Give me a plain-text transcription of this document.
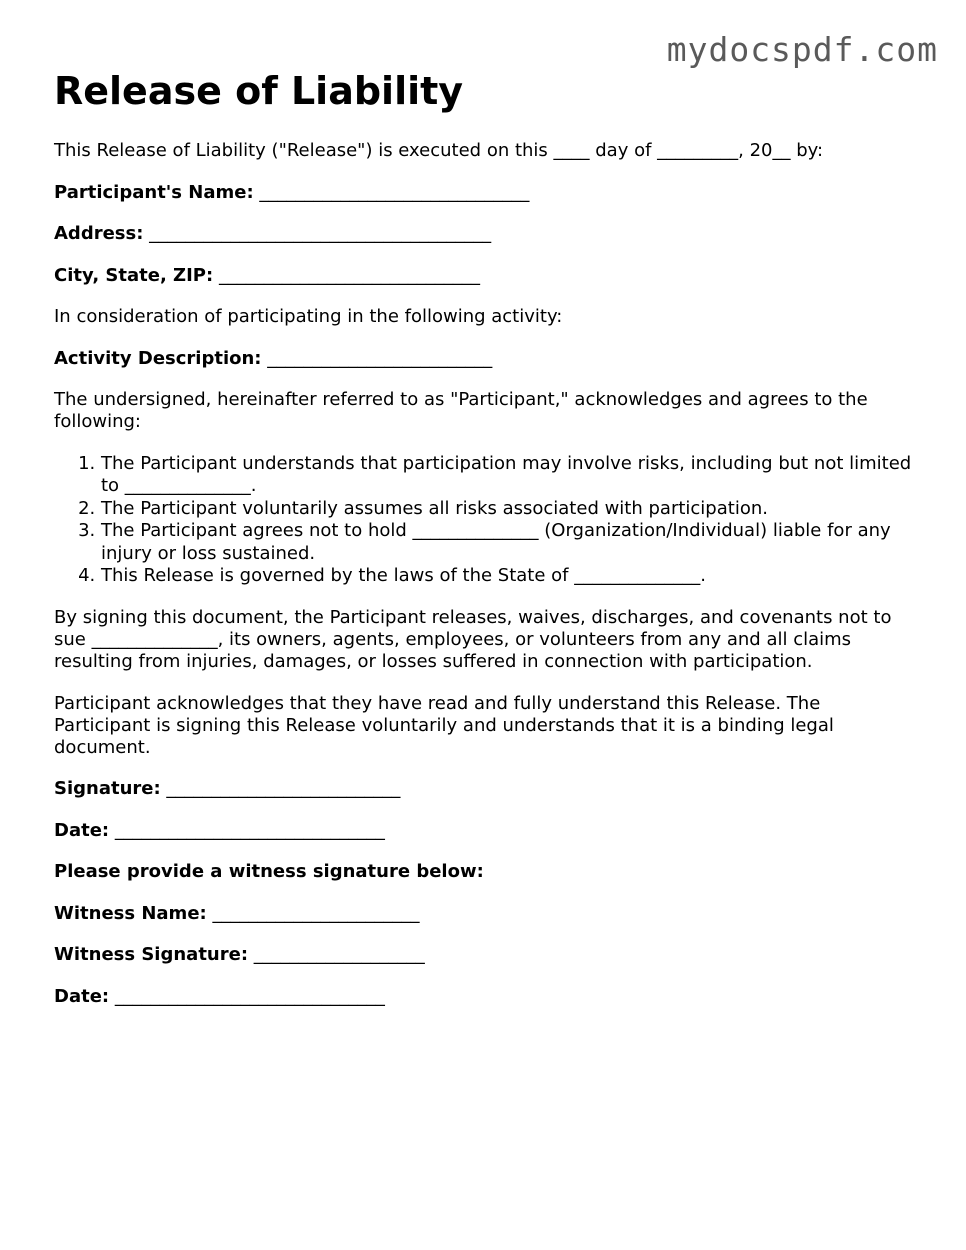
mydocspdf.com
Release of Liability

This Release of Liability ("Release") is executed on this ____ day of _________, 20__ by:

Participant's Name: ______________________________

Address: ______________________________________

City, State, ZIP: _____________________________

In consideration of participating in the following activity:

Activity Description: _________________________

The undersigned, hereinafter referred to as "Participant," acknowledges and agrees to the following:

1. The Participant understands that participation may involve risks, including but not limited to ______________.
2. The Participant voluntarily assumes all risks associated with participation.
3. The Participant agrees not to hold ______________ (Organization/Individual) liable for any injury or loss sustained.
4. This Release is governed by the laws of the State of ______________.

By signing this document, the Participant releases, waives, discharges, and covenants not to sue ______________, its owners, agents, employees, or volunteers from any and all claims resulting from injuries, damages, or losses suffered in connection with participation.

Participant acknowledges that they have read and fully understand this Release. The Participant is signing this Release voluntarily and understands that it is a binding legal document.

Signature: __________________________

Date: ______________________________

Please provide a witness signature below:

Witness Name: _______________________

Witness Signature: ___________________

Date: ______________________________
